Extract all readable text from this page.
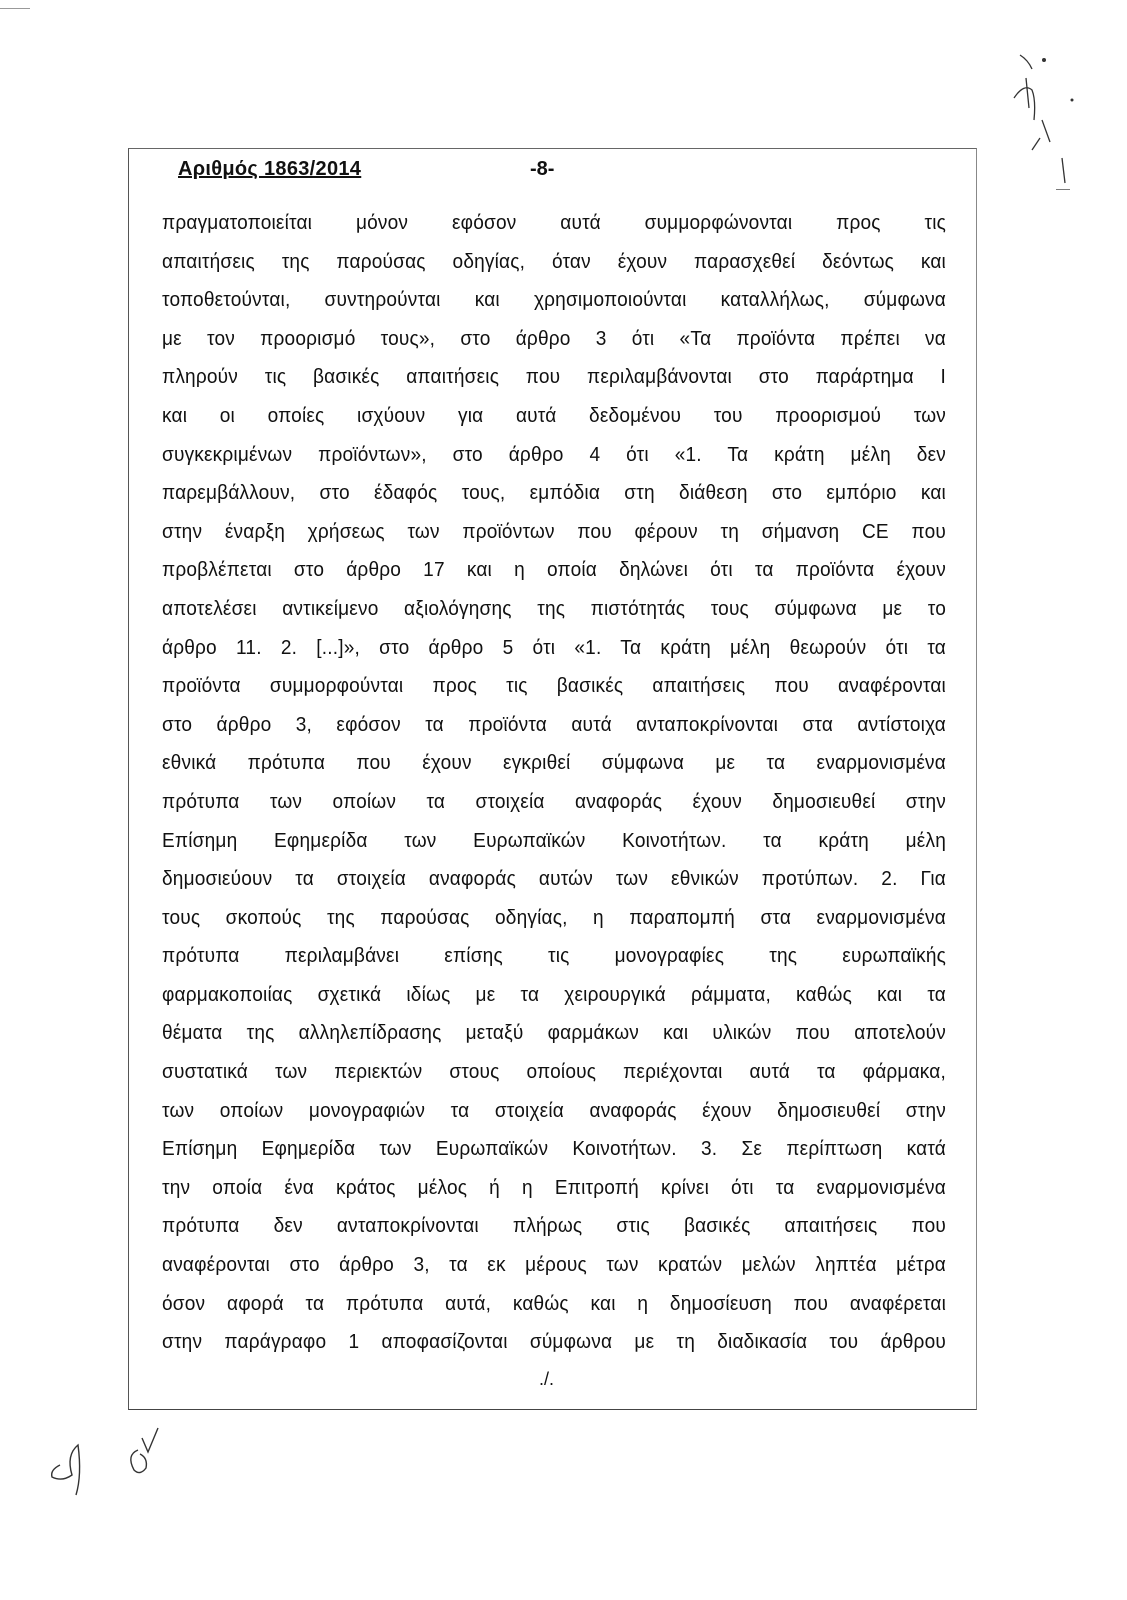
Αριθμός 1863/2014	-8-
πραγματοποιείται μόνον εφόσον αυτά συμμορφώνονται προς τις
απαιτήσεις της παρούσας οδηγίας, όταν έχουν παρασχεθεί δεόντως και
τοποθετούνται, συντηρούνται και χρησιμοποιούνται καταλλήλως, σύμφωνα
με τον προορισμό τους», στο άρθρο 3 ότι «Τα προϊόντα πρέπει να
πληρούν τις βασικές απαιτήσεις που περιλαμβάνονται στο παράρτημα I
και οι οποίες ισχύουν για αυτά δεδομένου του προορισμού των
συγκεκριμένων προϊόντων», στο άρθρο 4 ότι «1. Τα κράτη μέλη δεν
παρεμβάλλουν, στο έδαφός τους, εμπόδια στη διάθεση στο εμπόριο και
στην έναρξη χρήσεως των προϊόντων που φέρουν τη σήμανση CE που
προβλέπεται στο άρθρο 17 και η οποία δηλώνει ότι τα προϊόντα έχουν
αποτελέσει αντικείμενο αξιολόγησης της πιστότητάς τους σύμφωνα με το
άρθρο 11. 2. [...]», στο άρθρο 5 ότι «1. Τα κράτη μέλη θεωρούν ότι τα
προϊόντα συμμορφούνται προς τις βασικές απαιτήσεις που αναφέρονται
στο άρθρο 3, εφόσον τα προϊόντα αυτά ανταποκρίνονται στα αντίστοιχα
εθνικά πρότυπα που έχουν εγκριθεί σύμφωνα με τα εναρμονισμένα
πρότυπα των οποίων τα στοιχεία αναφοράς έχουν δημοσιευθεί στην
Επίσημη Εφημερίδα των Ευρωπαϊκών Κοινοτήτων. τα κράτη μέλη
δημοσιεύουν τα στοιχεία αναφοράς αυτών των εθνικών προτύπων. 2. Για
τους σκοπούς της παρούσας οδηγίας, η παραπομπή στα εναρμονισμένα
πρότυπα περιλαμβάνει επίσης τις μονογραφίες της ευρωπαϊκής
φαρμακοποιίας σχετικά ιδίως με τα χειρουργικά ράμματα, καθώς και τα
θέματα της αλληλεπίδρασης μεταξύ φαρμάκων και υλικών που αποτελούν
συστατικά των περιεκτών στους οποίους περιέχονται αυτά τα φάρμακα,
των οποίων μονογραφιών τα στοιχεία αναφοράς έχουν δημοσιευθεί στην
Επίσημη Εφημερίδα των Ευρωπαϊκών Κοινοτήτων. 3. Σε περίπτωση κατά
την οποία ένα κράτος μέλος ή η Επιτροπή κρίνει ότι τα εναρμονισμένα
πρότυπα δεν ανταποκρίνονται πλήρως στις βασικές απαιτήσεις που
αναφέρονται στο άρθρο 3, τα εκ μέρους των κρατών μελών ληπτέα μέτρα
όσον αφορά τα πρότυπα αυτά, καθώς και η δημοσίευση που αναφέρεται
στην παράγραφο 1 αποφασίζονται σύμφωνα με τη διαδικασία του άρθρου
./.
